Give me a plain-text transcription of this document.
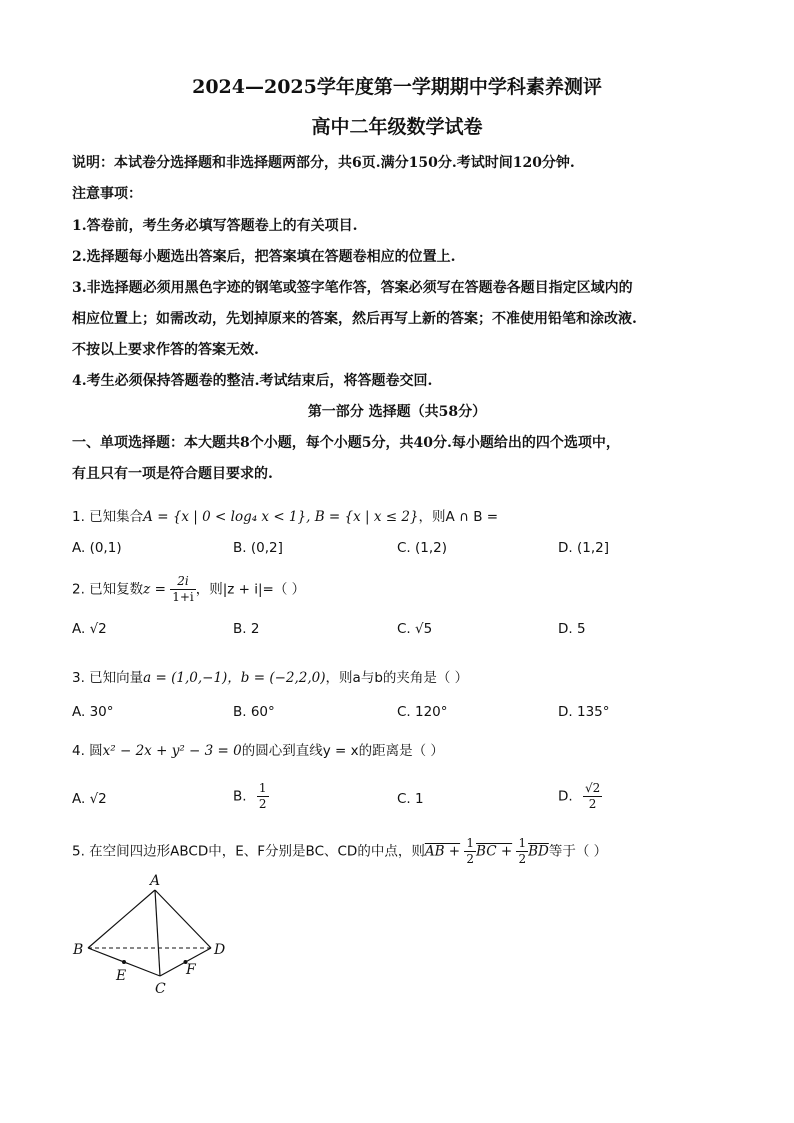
2024—2025学年度第一学期期中学科素养测评
高中二年级数学试卷
说明：本试卷分选择题和非选择题两部分，共6页.满分150分.考试时间120分钟.
注意事项：
1.答卷前，考生务必填写答题卷上的有关项目.
2.选择题每小题选出答案后，把答案填在答题卷相应的位置上.
3.非选择题必须用黑色字迹的钢笔或签字笔作答，答案必须写在答题卷各题目指定区域内的
相应位置上；如需改动，先划掉原来的答案，然后再写上新的答案；不准使用铅笔和涂改液.
不按以上要求作答的答案无效.
4.考生必须保持答题卷的整洁.考试结束后，将答题卷交回.
第一部分 选择题（共58分）
一、单项选择题：本大题共8个小题，每个小题5分，共40分.每小题给出的四个选项中，
有且只有一项是符合题目要求的.
1. 已知集合A = {x | 0 < log₄ x < 1}, B = {x | x ≤ 2}，则A ∩ B =
A. (0,1)	B. (0,2]	C. (1,2)	D. (1,2]
2. 已知复数$z = \frac{2i}{1+i}$ ，则|z + i|=（ ）
A. √2	B. 2	C. √5	D. 5
3. 已知向量a = (1,0,−1)，b = (−2,2,0)，则a与b的夹角是（ ）
A. 30°	B. 60°	C. 120°	D. 135°
4. 圆x² − 2x + y² − 3 = 0的圆心到直线y = x的距离是（ ）
A. √2	B. $\frac{1}{2}$	C. 1	D. $\frac{√2}{2}$
5. 在空间四边形ABCD中，E、F分别是BC、CD的中点，则AB + $\frac{1}{2}$ BC + $\frac{1}{2} \overline{BD}$等于（ ）
A
B
C
D
E	F
